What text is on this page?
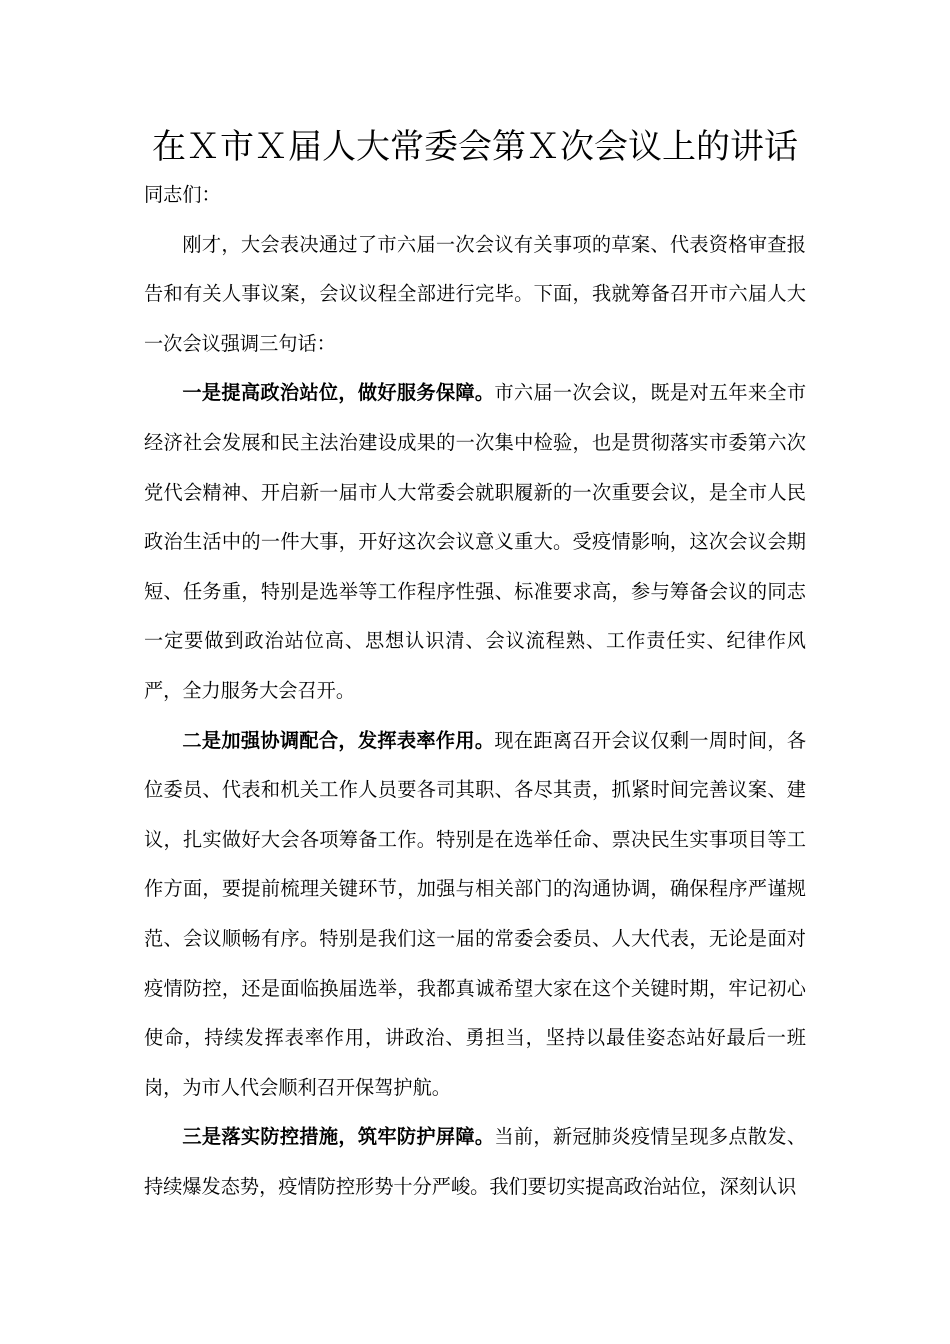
在Ｘ市Ｘ届人大常委会第Ｘ次会议上的讲话

同志们：

刚才，大会表决通过了市六届一次会议有关事项的草案、代表资格审查报告和有关人事议案，会议议程全部进行完毕。下面，我就筹备召开市六届人大一次会议强调三句话：

一是提高政治站位，做好服务保障。市六届一次会议，既是对五年来全市经济社会发展和民主法治建设成果的一次集中检验，也是贯彻落实市委第六次党代会精神、开启新一届市人大常委会就职履新的一次重要会议，是全市人民政治生活中的一件大事，开好这次会议意义重大。受疫情影响，这次会议会期短、任务重，特别是选举等工作程序性强、标准要求高，参与筹备会议的同志一定要做到政治站位高、思想认识清、会议流程熟、工作责任实、纪律作风严，全力服务大会召开。

二是加强协调配合，发挥表率作用。现在距离召开会议仅剩一周时间，各位委员、代表和机关工作人员要各司其职、各尽其责，抓紧时间完善议案、建议，扎实做好大会各项筹备工作。特别是在选举任命、票决民生实事项目等工作方面，要提前梳理关键环节，加强与相关部门的沟通协调，确保程序严谨规范、会议顺畅有序。特别是我们这一届的常委会委员、人大代表，无论是面对疫情防控，还是面临换届选举，我都真诚希望大家在这个关键时期，牢记初心使命，持续发挥表率作用，讲政治、勇担当，坚持以最佳姿态站好最后一班岗，为市人代会顺利召开保驾护航。

三是落实防控措施，筑牢防护屏障。当前，新冠肺炎疫情呈现多点散发、持续爆发态势，疫情防控形势十分严峻。我们要切实提高政治站位，深刻认识
